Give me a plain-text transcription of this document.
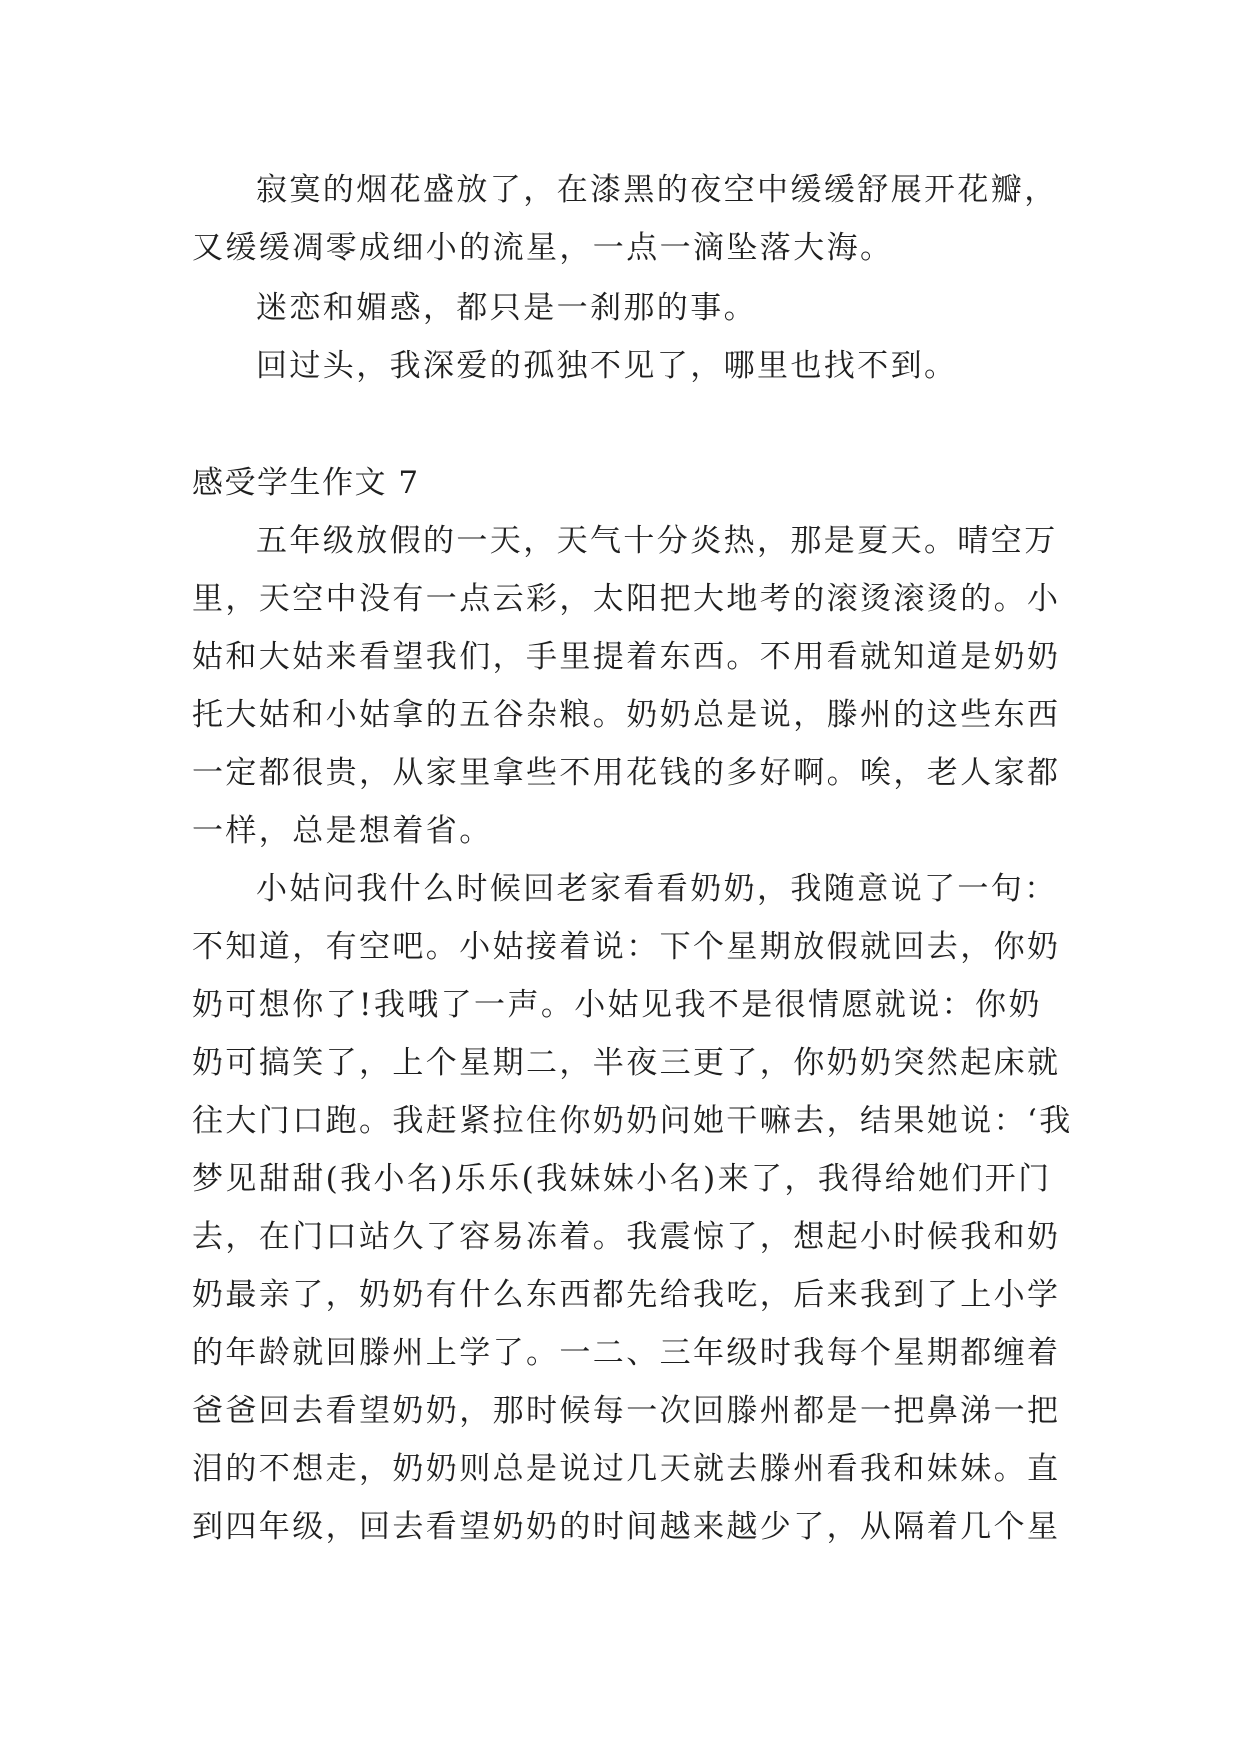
寂寞的烟花盛放了，在漆黑的夜空中缓缓舒展开花瓣，
又缓缓凋零成细小的流星，一点一滴坠落大海。
迷恋和媚惑，都只是一刹那的事。
回过头，我深爱的孤独不见了，哪里也找不到。
感受学生作文 7
五年级放假的一天，天气十分炎热，那是夏天。晴空万
里，天空中没有一点云彩，太阳把大地考的滚烫滚烫的。小
姑和大姑来看望我们，手里提着东西。不用看就知道是奶奶
托大姑和小姑拿的五谷杂粮。奶奶总是说，滕州的这些东西
一定都很贵，从家里拿些不用花钱的多好啊。唉，老人家都
一样，总是想着省。
小姑问我什么时候回老家看看奶奶，我随意说了一句：
不知道，有空吧。小姑接着说：下个星期放假就回去，你奶
奶可想你了!我哦了一声。小姑见我不是很情愿就说：你奶
奶可搞笑了，上个星期二，半夜三更了，你奶奶突然起床就
往大门口跑。我赶紧拉住你奶奶问她干嘛去，结果她说：‘我
梦见甜甜(我小名)乐乐(我妹妹小名)来了，我得给她们开门
去，在门口站久了容易冻着。我震惊了，想起小时候我和奶
奶最亲了，奶奶有什么东西都先给我吃，后来我到了上小学
的年龄就回滕州上学了。一二、三年级时我每个星期都缠着
爸爸回去看望奶奶，那时候每一次回滕州都是一把鼻涕一把
泪的不想走，奶奶则总是说过几天就去滕州看我和妹妹。直
到四年级，回去看望奶奶的时间越来越少了，从隔着几个星
